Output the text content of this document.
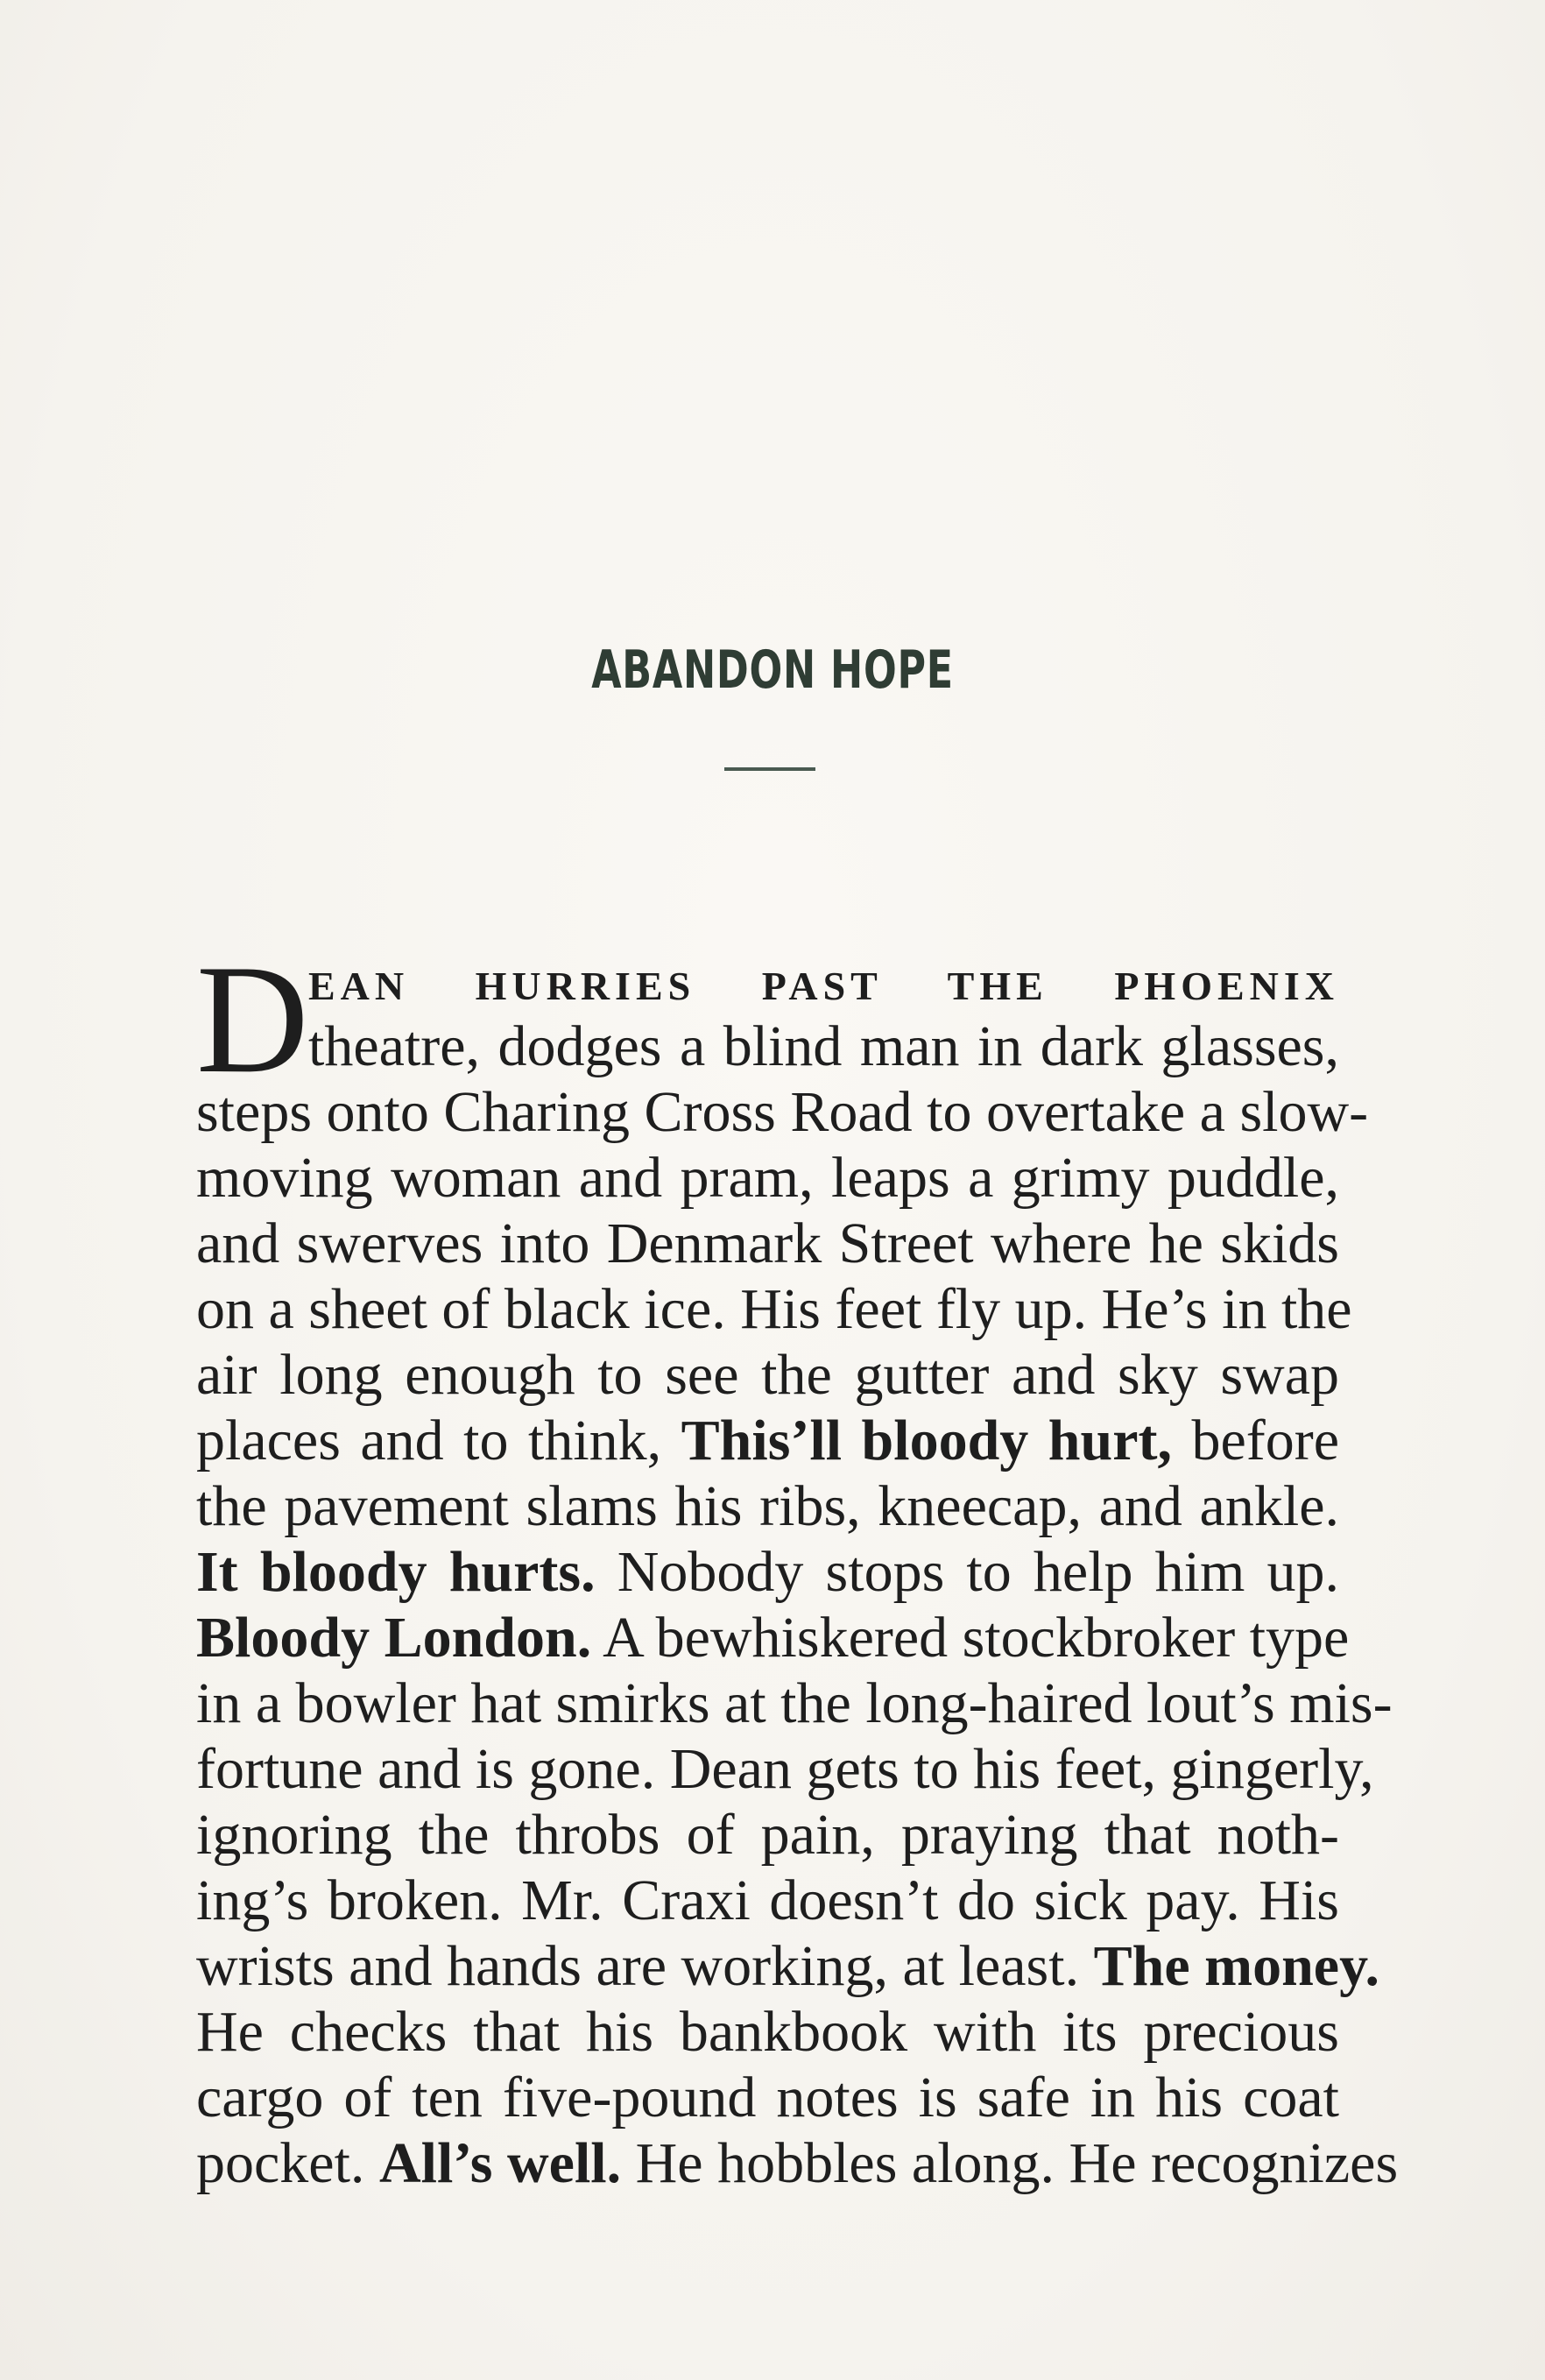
ABANDON HOPE
D EAN HURRIES PAST THE PHOENIX
theatre, dodges a blind man in dark glasses,
steps onto Charing Cross Road to overtake a slow-
moving woman and pram, leaps a grimy puddle,
and swerves into Denmark Street where he skids
on a sheet of black ice. His feet fly up. He’s in the
air long enough to see the gutter and sky swap
places and to think, This’ll bloody hurt, before
the pavement slams his ribs, kneecap, and ankle.
It bloody hurts. Nobody stops to help him up.
Bloody London. A bewhiskered stockbroker type
in a bowler hat smirks at the long-haired lout’s mis-
fortune and is gone. Dean gets to his feet, gingerly,
ignoring the throbs of pain, praying that noth-
ing’s broken. Mr. Craxi doesn’t do sick pay. His
wrists and hands are working, at least. The money.
He checks that his bankbook with its precious
cargo of ten five-pound notes is safe in his coat
pocket. All’s well. He hobbles along. He recognizes
